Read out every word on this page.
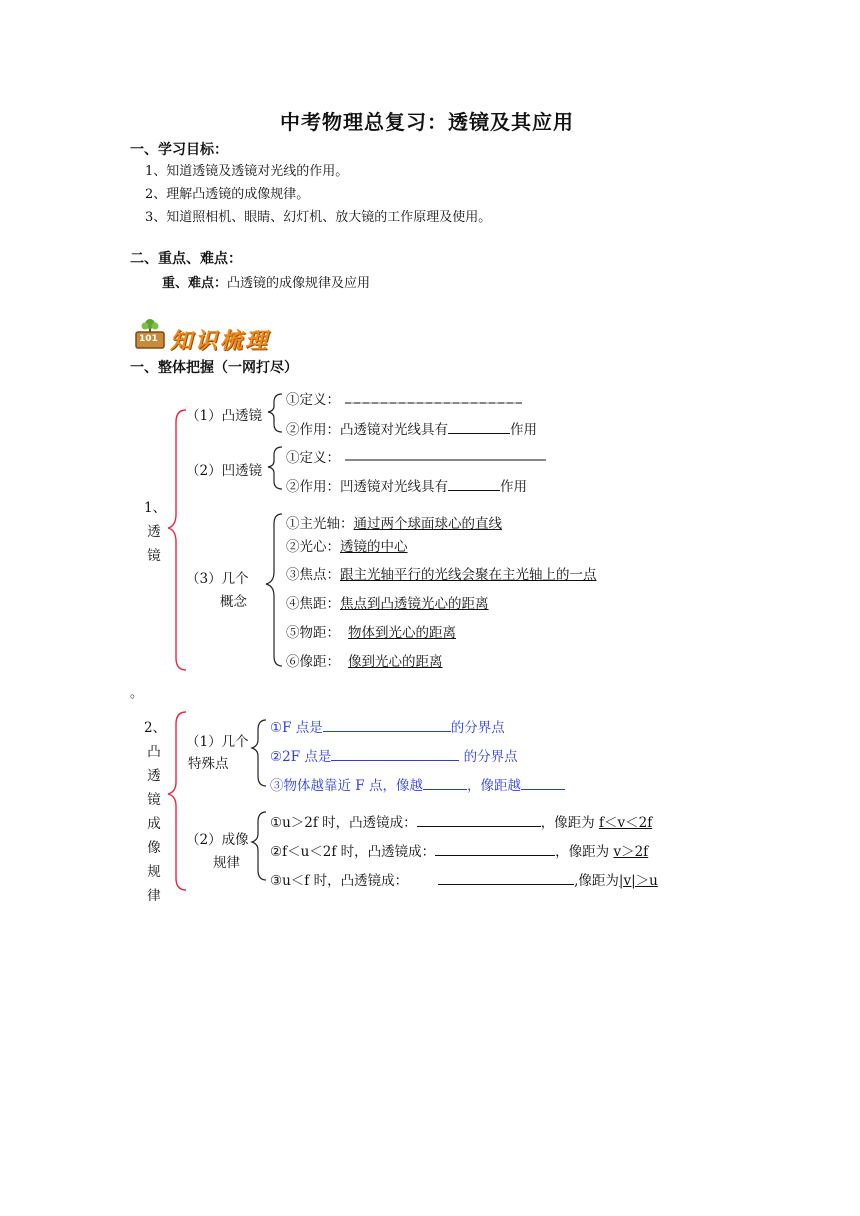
中考物理总复习：透镜及其应用
一、学习目标：
1、知道透镜及透镜对光线的作用。
2、理解凸透镜的成像规律。
3、知道照相机、眼睛、幻灯机、放大镜的工作原理及使用。
二、重点、难点：
重、难点：凸透镜的成像规律及应用
101 知识梳理
一、整体把握（一网打尽）
1、
透
镜
（1）凸透镜
①定义：
②作用：凸透镜对光线具有	作用
（2）凹透镜
①定义：
②作用：凹透镜对光线具有	作用
（3）几个
概念
①主光轴：通过两个球面球心的直线
②光心：透镜的中心
③焦点：跟主光轴平行的光线会聚在主光轴上的一点
④焦距：焦点到凸透镜光心的距离
⑤物距： 物体到光心的距离
⑥像距： 像到光心的距离
。
2、
凸
透
镜
成
像
规
律
（1）几个
特殊点
①F 点是	的分界点
②2F 点是	的分界点
③物体越靠近 F 点，像越	，像距越
（2）成像
规律
①u＞2f 时，凸透镜成：	，像距为 f＜v＜2f
②f＜u＜2f 时，凸透镜成：	，像距为 v＞2f
③u＜f 时，凸透镜成：	,像距为|v|＞u
